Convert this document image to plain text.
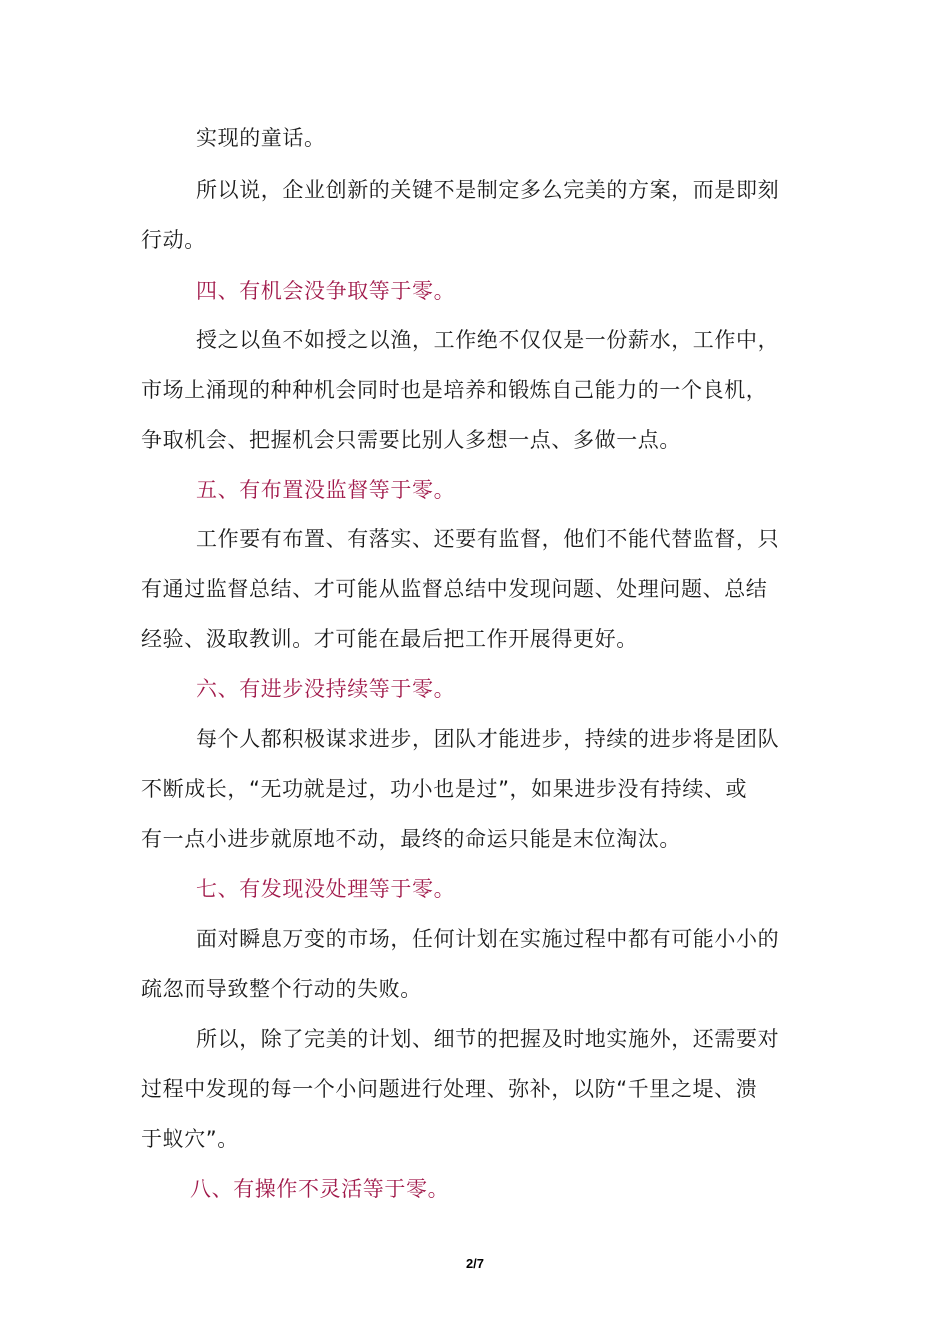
实现的童话。
所以说，企业创新的关键不是制定多么完美的方案，而是即刻
行动。
四、有机会没争取等于零。
授之以鱼不如授之以渔，工作绝不仅仅是一份薪水，工作中，
市场上涌现的种种机会同时也是培养和锻炼自己能力的一个良机，
争取机会、把握机会只需要比别人多想一点、多做一点。
五、有布置没监督等于零。
工作要有布置、有落实、还要有监督，他们不能代替监督，只
有通过监督总结、才可能从监督总结中发现问题、处理问题、总结
经验、汲取教训。才可能在最后把工作开展得更好。
六、有进步没持续等于零。
每个人都积极谋求进步，团队才能进步，持续的进步将是团队
不断成长，“无功就是过，功小也是过”，如果进步没有持续、或
有一点小进步就原地不动，最终的命运只能是末位淘汰。
七、有发现没处理等于零。
面对瞬息万变的市场，任何计划在实施过程中都有可能小小的
疏忽而导致整个行动的失败。
所以，除了完美的计划、细节的把握及时地实施外，还需要对
过程中发现的每一个小问题进行处理、弥补，以防“千里之堤、溃
于蚁穴”。
八、有操作不灵活等于零。
2/7
